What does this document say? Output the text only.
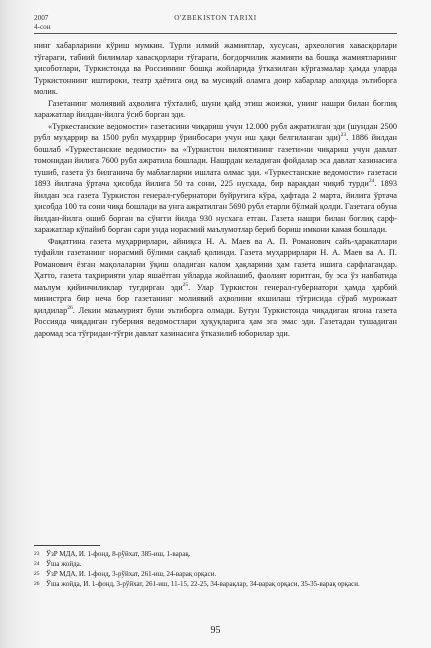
2007
4-сон
O'ZBEKISTON TARIXI

нинг хабарларини кўриш мумкин. Турли илмий жамиятлар, хусусан, археология хавасқорлари тўгараги, табиий билимлар хавасқорлари тўгараги, боғдорчилик жамияти ва бошқа жамиятларнинг ҳисоботлари, Туркистонда ва Россиянинг бошқа жойларида ўтказилган кўргазмалар ҳамда уларда Туркистоннинг иштироки, театр ҳаётига оид ва мусиқий оламга доир хабарлар алоҳида эътиборга молик.

Газетанинг молиявий аҳволига тўхталиб, шуни қайд этиш жоизки, унинг нашри билан боғлиқ харажатлар йилдан-йилга ўсиб борган эди.

«Туркестанские ведомости» газетасини чиқариш учун 12.000 рубл ажратилган эди (шундан 2500 рубл муҳаррир ва 1500 рубл муҳаррир ўринбосари учун иш ҳақи белгиланган эди)$^{23}$. 1886 йилдан бошлаб «Туркестанские ведомости» ва «Туркистон вилоятининг газети»ни чиқариш учун давлат томонидан йилига 7600 рубл ажратила бошлади. Нашрдан келадиган фойдалар эса давлат хазинасига тушиб, газета ўз билганича бу маблағларни ишлата олмас эди. «Туркестанские ведомости» газетаси 1893 йилгача ўртача ҳисобда йилига 50 та сони, 225 нусхада, бир варақдан чиқиб турди$^{24}$. 1893 йилдан эса газета Туркистон генерал-губернатори буйруғига кўра, ҳафтада 2 марта, йилига ўртача ҳисобда 100 та сони чиқа бошлади ва унга ажратилган 5690 рубл етарли бўлмай қолди. Газетага обуна йилдан-йилга ошиб борган ва сўнгги йилда 930 нусхага етган. Газета нашри билан боғлиқ сарф-харажатлар кўпайиб борган сари унда норасмий маълумотлар бериб бориш имкони камая бошлади.

Фақатгина газета муҳаррирлари, айниқса Н. А. Маев ва А. П. Романович сайъ-ҳаракатлари туфайли газетанинг норасмий бўлими сақлаб қолинди. Газета муҳаррирлари Н. А. Маев ва А. П. Романович ёзган мақолаларни ўқиш оладиган калом ҳақларини ҳам газета ишига сарфлагандар. Ҳатто, газета таҳририяти улар яшаётган уйларда жойлашиб, фаолият юритган, бу эса ўз навбатида маълум қийинчиликлар туғдирган эди$^{25}$. Улар Туркистон генерал-губернатори ҳамда ҳарбий министрга бир неча бор газетанинг молиявий аҳволини яхшилаш тўғрисида сўраб мурожаат қилдилар$^{26}$. Лекин маъмурият буни эътиборга олмади. Бутун Туркистонда чиқадиган ягона газета Россияда чиқадиган губерния ведомостлари ҳуқуқларига ҳам эга эмас эди. Газетадан тушадиган даромад эса тўғридан-тўғри давлат хазинасига ўтказилиб юборилар эди.

23 ЎзР МДА, И. 1-фонд, 8-рўйхат, 385-иш, 1-варақ.
24 Ўша жойда.
25 ЎзР МДА, И. 1-фонд, 3-рўйхат, 261-иш, 24-варақ орқаси.
26 Ўша жойда, И. 1-фонд, 3-рўйхат, 261-иш, 11-15, 22-25, 34-варақлар, 34-варақ орқаси, 35-35-варақ орқаси.
95
